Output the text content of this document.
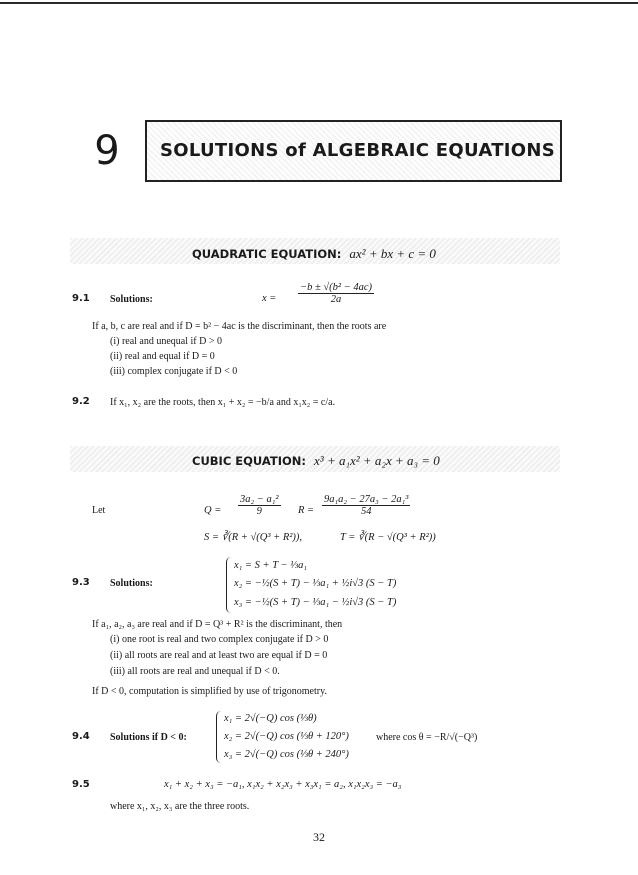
9	SOLUTIONS of ALGEBRAIC EQUATIONS
QUADRATIC EQUATION: ax² + bx + c = 0
9.1 Solutions:	$x = \frac{\text{−b ± √(b² − 4ac)}}{2a}$
If a, b, c are real and if D = b² − 4ac is the discriminant, then the roots are
(i) real and unequal if D > 0
(ii) real and equal if D = 0
(iii) complex conjugate if D < 0
9.2 If x₁, x₂ are the roots, then x₁ + x₂ = −b/a and x₁x₂ = c/a.
CUBIC EQUATION: x³ + a₁x² + a₂x + a₃ = 0
Let	$Q = \frac{\text{3a₂ − a₁²}}{9}$ $R = \frac{\text{9a₁a₂ − 27a₃ − 2a₁³}}{54}$
S = ∛(R + √(Q³ + R²)),	T = ∛(R − √(Q³ + R²))
9.3 Solutions:
x₁ = S + T − ⅓a₁
x₂ = −½(S + T) − ⅓a₁ + ½i√3 (S − T)
x₃ = −½(S + T) − ⅓a₁ − ½i√3 (S − T)
If a₁, a₂, a₃ are real and if D = Q³ + R² is the discriminant, then
(i) one root is real and two complex conjugate if D > 0
(ii) all roots are real and at least two are equal if D = 0
(iii) all roots are real and unequal if D < 0.
If D < 0, computation is simplified by use of trigonometry.
9.4 Solutions if D < 0:
x₁ = 2√(−Q) cos (⅓θ)
x₂ = 2√(−Q) cos (⅓θ + 120°)
x₃ = 2√(−Q) cos (⅓θ + 240°)
where cos θ = −R/√(−Q³)
9.5	x₁ + x₂ + x₃ = −a₁, x₁x₂ + x₂x₃ + x₃x₁ = a₂, x₁x₂x₃ = −a₃
where x₁, x₂, x₃ are the three roots.
32
